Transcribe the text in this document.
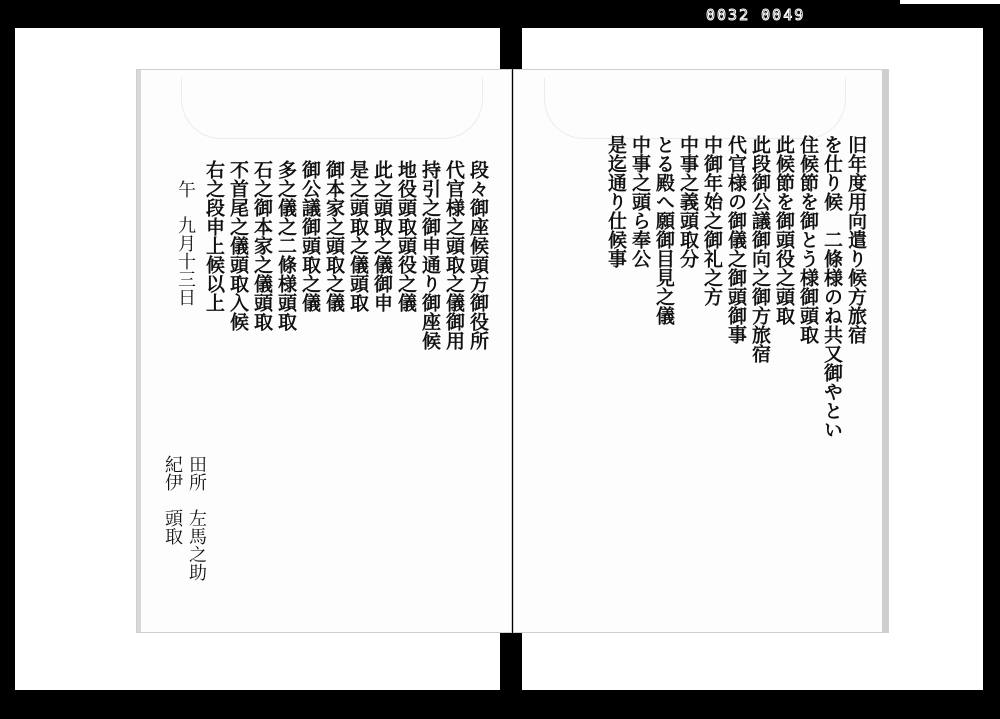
0032 0049
旧年度用向遣り候方旅宿
を仕り候　二條様のね共又御やとい
住候節を御とう様御頭取
此候節を御頭役之頭取
此段御公議御向之御方旅宿
代官様の御儀之御頭御事
中御年始之御礼之方
中事之義頭取分
とる殿へ願御目見之儀
中事之頭ら奉公
是迄通り仕候事
段々御座候頭方御役所
代官様之頭取之儀御用
持引之御申通り御座候
地役頭取頭役之儀
此之頭取之儀御申
是之頭取之儀頭取
御本家之頭取之儀
御公議御頭取之儀
多之儀之二條様頭取
石之御本家之儀頭取
不首尾之儀頭取入候
右之段申上候以上
午　九月十三日
田所　左馬之助
紀伊　頭取
